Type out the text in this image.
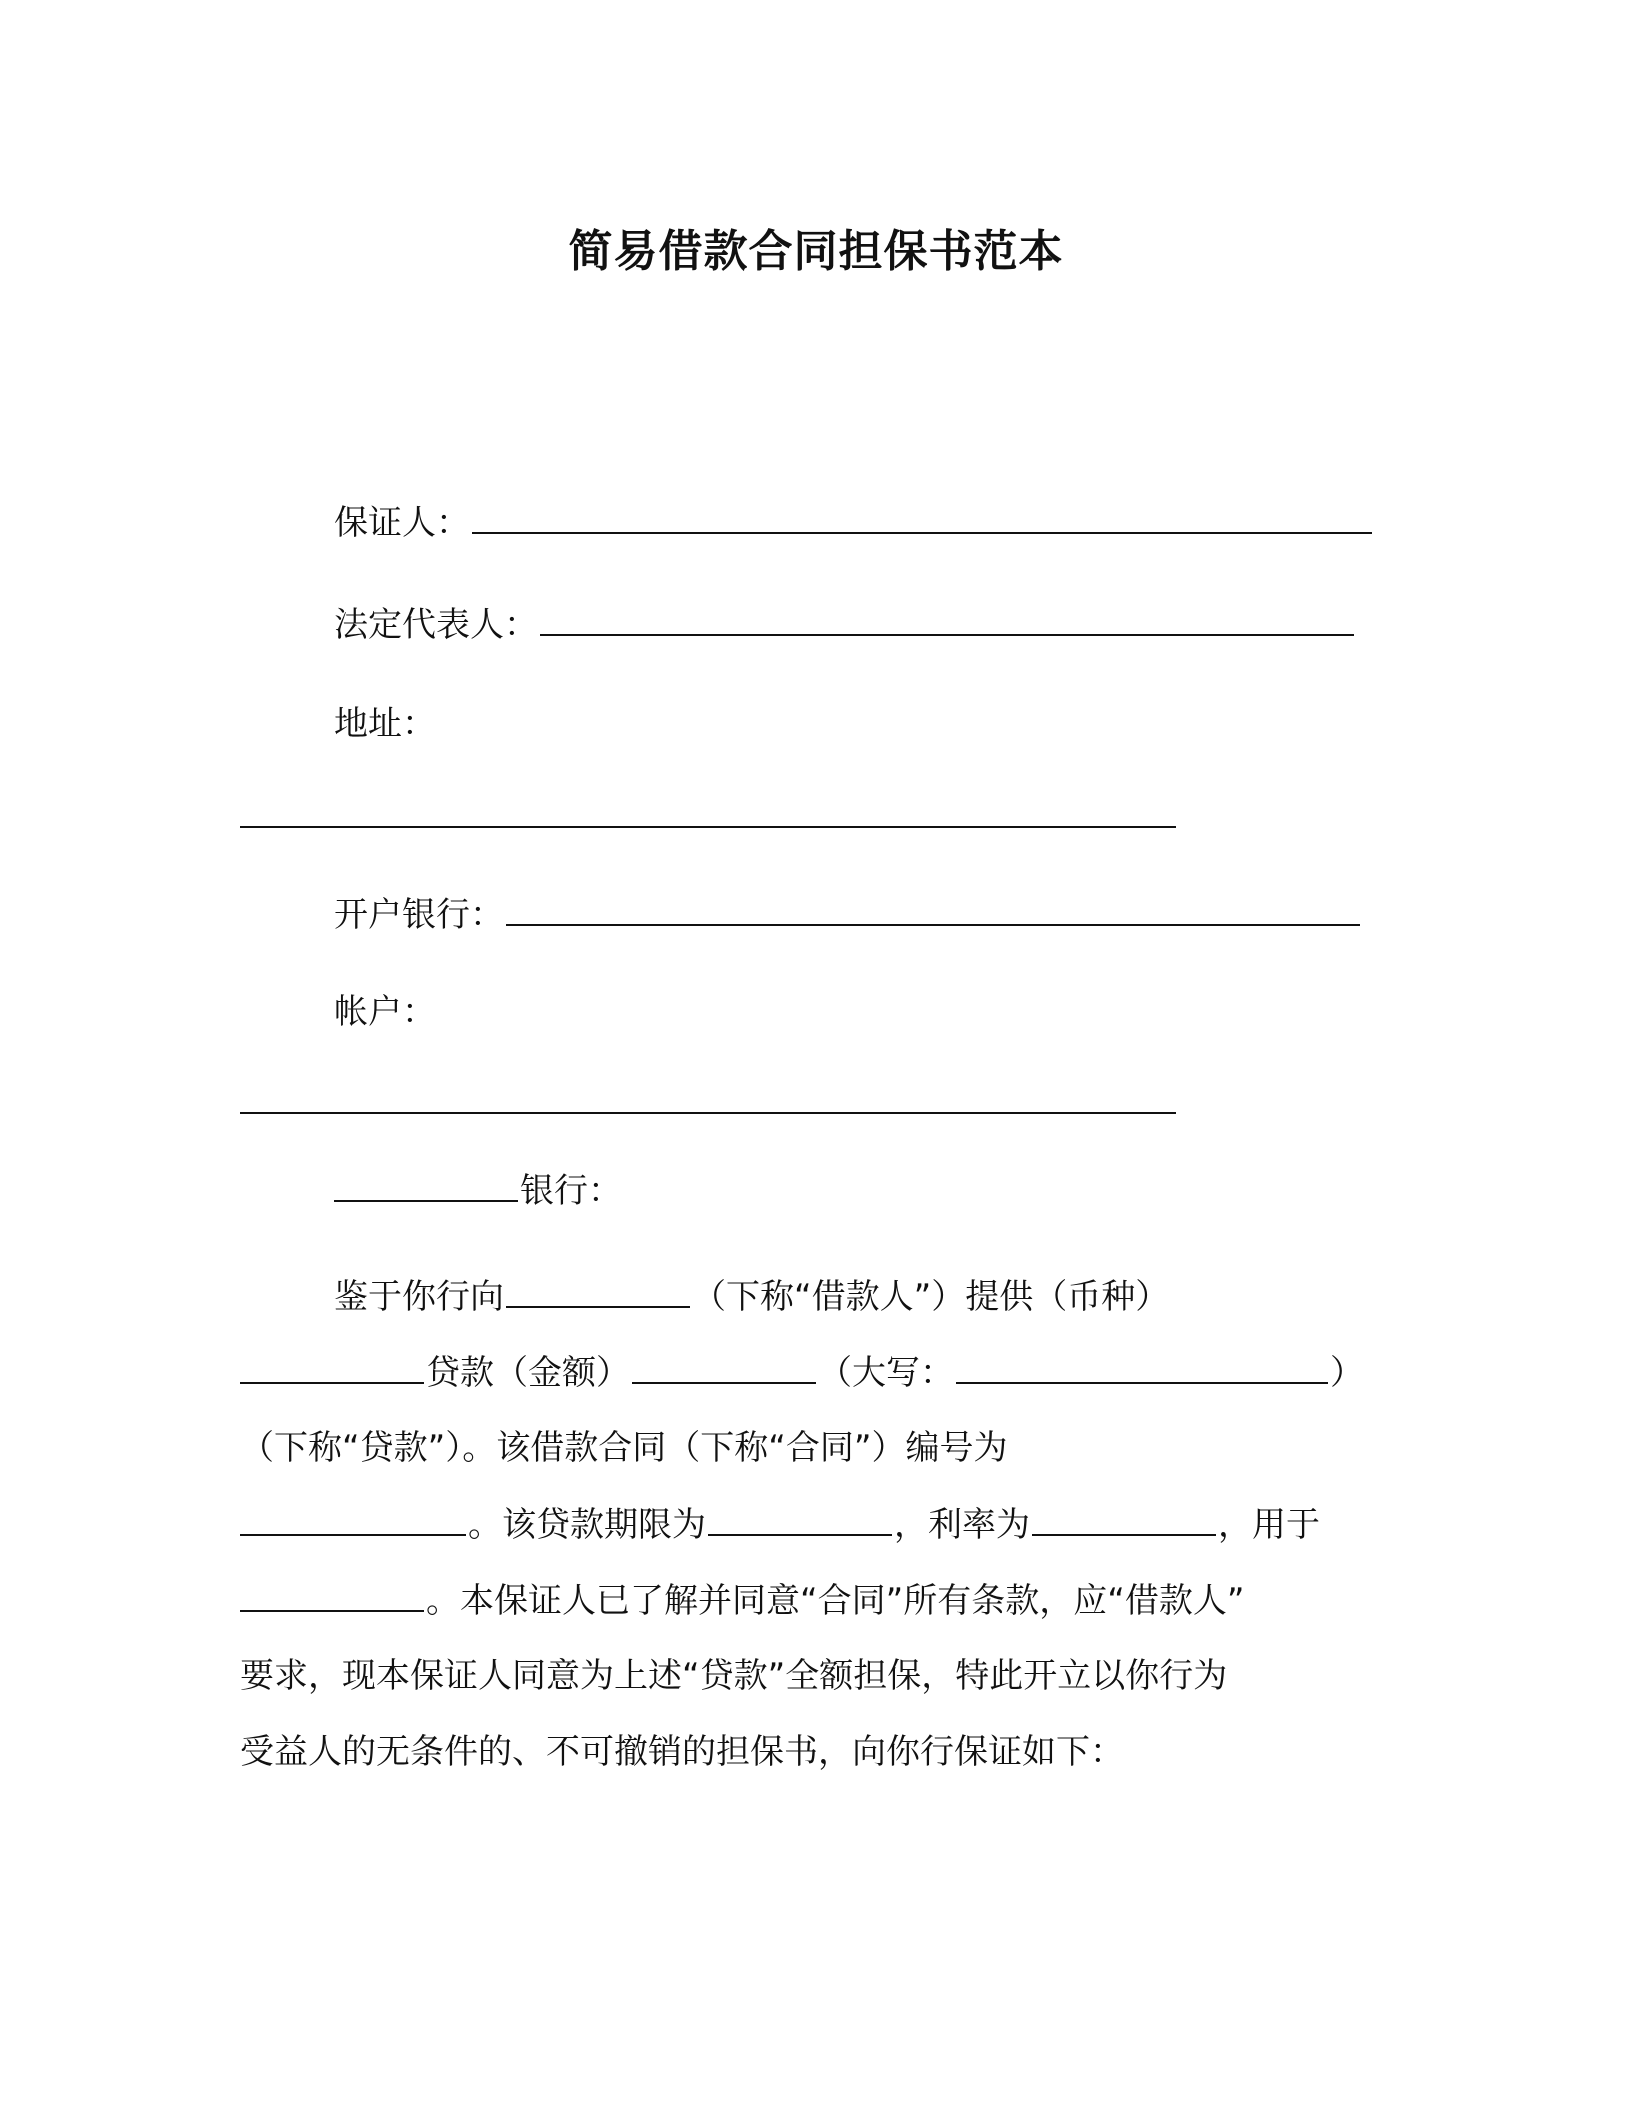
简易借款合同担保书范本
保证人：
法定代表人：
地址：
开户银行：
帐户：
银行：
鉴于你行向	（下称“借款人”）提供（币种）
贷款（金额）	（大写：	）
（下称“贷款”）。该借款合同（下称“合同”）编号为
。该贷款期限为	，利率为	，用于
。本保证人已了解并同意“合同”所有条款，应“借款人”
要求，现本保证人同意为上述“贷款”全额担保，特此开立以你行为
受益人的无条件的、不可撤销的担保书，向你行保证如下：
